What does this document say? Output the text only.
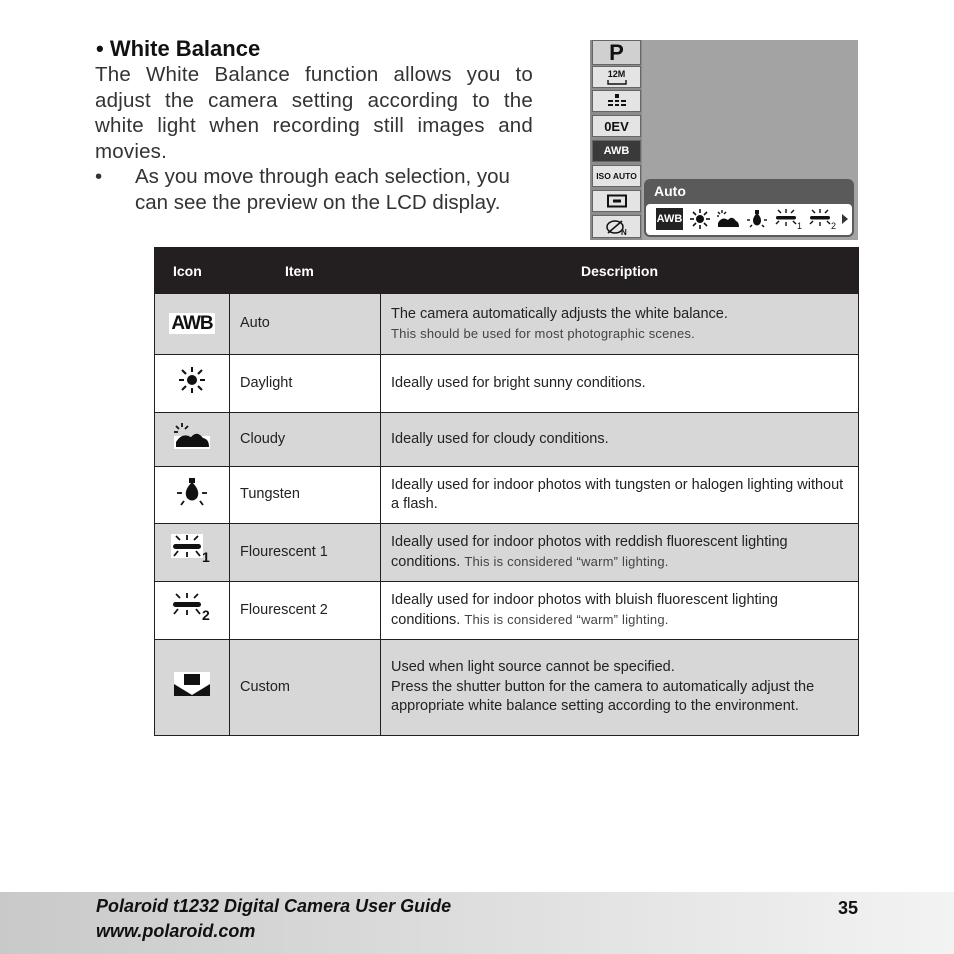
• White Balance
The White Balance function allows you to adjust the camera setting according to the white light when recording still images and movies.
• As you move through each selection, you can see the preview on the LCD display.
P
12M
0EV
AWB
ISO AUTO
N
Auto
AWB
1	2
Icon	Item	Description
AWB	Auto	The camera automatically adjusts the white balance.
This should be used for most photographic scenes.

	Daylight	Ideally used for bright sunny conditions.
	Cloudy	Ideally used for cloudy conditions.
	Tungsten	Ideally used for indoor photos with tungsten or halogen lighting without a flash.

1	Flourescent 1	Ideally used for indoor photos with reddish fluorescent lighting conditions. This is considered “warm” lighting.

2	Flourescent 2	Ideally used for indoor photos with bluish fluorescent lighting conditions. This is considered “warm” lighting.
	Custom	Used when light source cannot be specified.
Press the shutter button for the camera to automatically adjust the appropriate white balance setting according to the environment.
Polaroid t1232 Digital Camera User Guide
www.polaroid.com
35
